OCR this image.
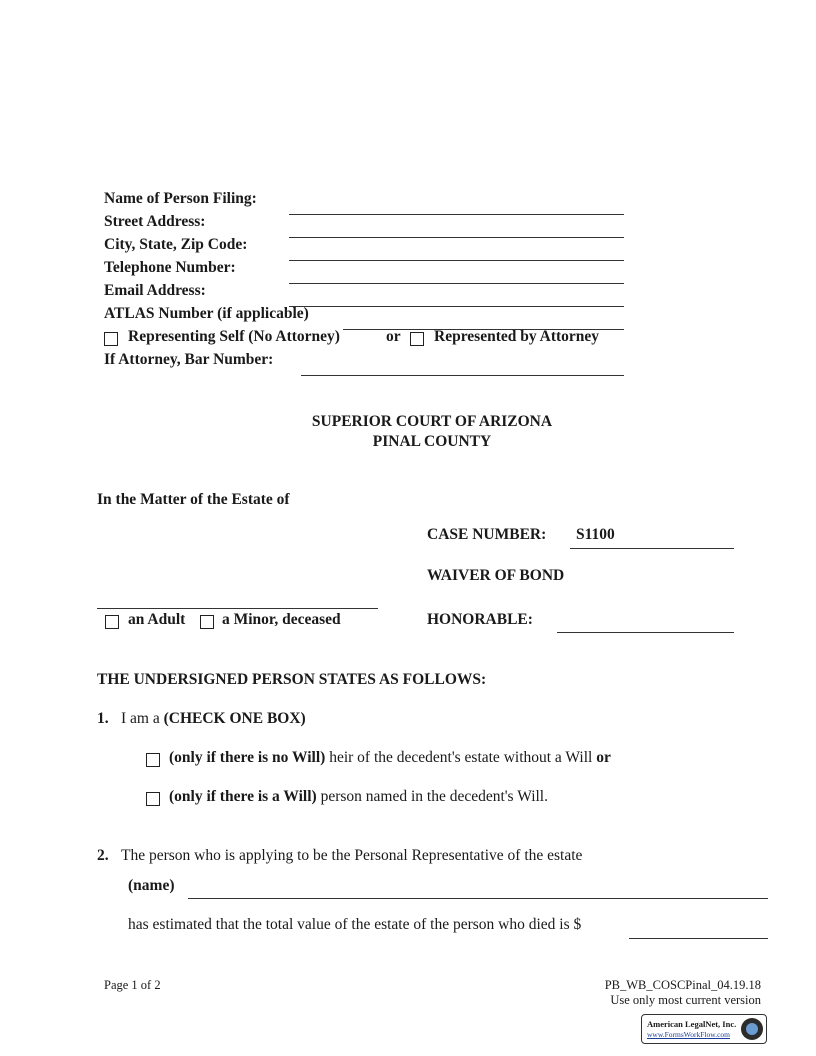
Name of Person Filing:
Street Address:
City, State, Zip Code:
Telephone Number:
Email Address:
ATLAS Number (if applicable)
Representing Self (No Attorney)	or Represented by Attorney
If Attorney, Bar Number:
SUPERIOR COURT OF ARIZONA
PINAL COUNTY
In the Matter of the Estate of
CASE NUMBER: S1100
WAIVER OF BOND
an Adult a Minor, deceased	HONORABLE:
THE UNDERSIGNED PERSON STATES AS FOLLOWS:
1. I am a (CHECK ONE BOX)
(only if there is no Will) heir of the decedent's estate without a Will or
(only if there is a Will) person named in the decedent's Will.
2. The person who is applying to be the Personal Representative of the estate
(name)
has estimated that the total value of the estate of the person who died is $
Page 1 of 2	PB_WB_COSCPinal_04.19.18
Use only most current version
American LegalNet, Inc.
www.FormsWorkFlow.com
